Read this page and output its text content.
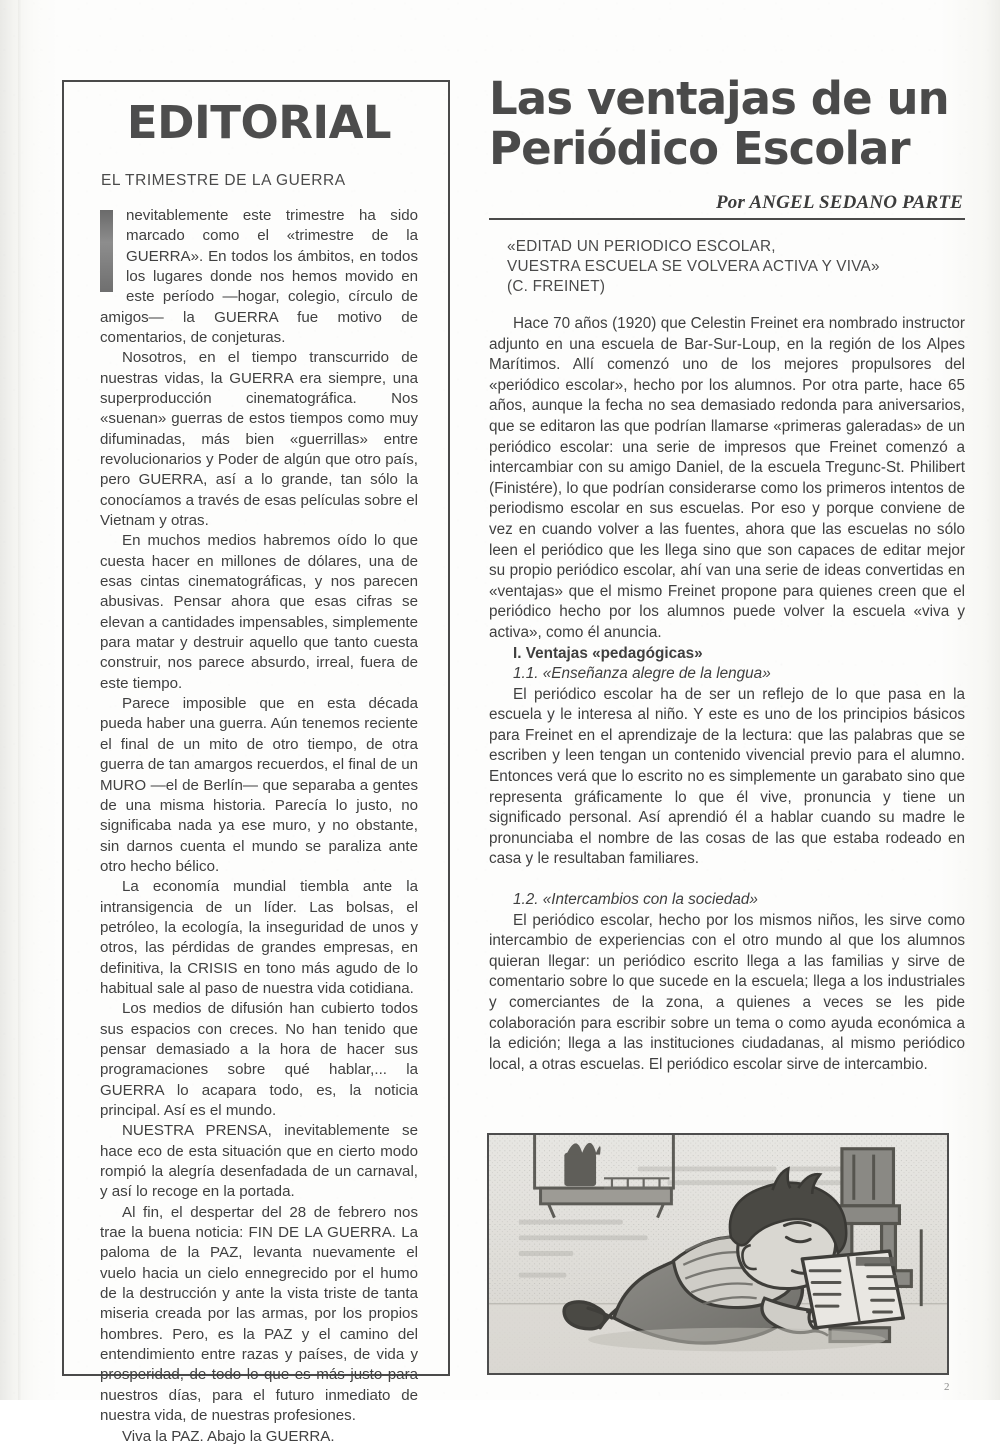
EDITORIAL
EL TRIMESTRE DE LA GUERRA

nevitablemente este trimestre ha sido marcado como el «trimestre de la GUERRA». En todos los ámbitos, en todos los lugares donde nos hemos movido en este período —hogar, colegio, círculo de amigos— la GUERRA fue motivo de comentarios, de conjeturas.

Nosotros, en el tiempo transcurrido de nuestras vidas, la GUERRA era siempre, una superproducción cinematográfica. Nos «suenan» guerras de estos tiempos como muy difuminadas, más bien «guerrillas» entre revolucionarios y Poder de algún que otro país, pero GUERRA, así a lo grande, tan sólo la conocíamos a través de esas películas sobre el Vietnam y otras.

En muchos medios habremos oído lo que cuesta hacer en millones de dólares, una de esas cintas cinematográficas, y nos parecen abusivas. Pensar ahora que esas cifras se elevan a cantidades impensables, simplemente para matar y destruir aquello que tanto cuesta construir, nos parece absurdo, irreal, fuera de este tiempo.

Parece imposible que en esta década pueda haber una guerra. Aún tenemos reciente el final de un mito de otro tiempo, de otra guerra de tan amargos recuerdos, el final de un MURO —el de Berlín— que separaba a gentes de una misma historia. Parecía lo justo, no significaba nada ya ese muro, y no obstante, sin darnos cuenta el mundo se paraliza ante otro hecho bélico.

La economía mundial tiembla ante la intransigencia de un líder. Las bolsas, el petróleo, la ecología, la inseguridad de unos y otros, las pérdidas de grandes empresas, en definitiva, la CRISIS en tono más agudo de lo habitual sale al paso de nuestra vida cotidiana.

Los medios de difusión han cubierto todos sus espacios con creces. No han tenido que pensar demasiado a la hora de hacer sus programaciones sobre qué hablar,... la GUERRA lo acapara todo, es, la noticia principal. Así es el mundo.

NUESTRA PRENSA, inevitablemente se hace eco de esta situación que en cierto modo rompió la alegría desenfadada de un carnaval, y así lo recoge en la portada.

Al fin, el despertar del 28 de febrero nos trae la buena noticia: FIN DE LA GUERRA. La paloma de la PAZ, levanta nuevamente el vuelo hacia un cielo ennegrecido por el humo de la destrucción y ante la vista triste de tanta miseria creada por las armas, por los propios hombres. Pero, es la PAZ y el camino del entendimiento entre razas y países, de vida y prosperidad, de todo lo que es más justo para nuestros días, para el futuro inmediato de nuestra vida, de nuestras profesiones.

Viva la PAZ. Abajo la GUERRA.

Las ventajas de un
Periódico Escolar
Por ANGEL SEDANO PARTE
«EDITAD UN PERIODICO ESCOLAR,
VUESTRA ESCUELA SE VOLVERA ACTIVA Y VIVA»
(C. FREINET)

Hace 70 años (1920) que Celestin Freinet era nombrado instructor adjunto en una escuela de Bar-Sur-Loup, en la región de los Alpes Marítimos. Allí comenzó uno de los mejores propulsores del «periódico escolar», hecho por los alumnos. Por otra parte, hace 65 años, aunque la fecha no sea demasiado redonda para aniversarios, que se editaron las que podrían llamarse «primeras galeradas» de un periódico escolar: una serie de impresos que Freinet comenzó a intercambiar con su amigo Daniel, de la escuela Tregunc-St. Philibert (Finistére), lo que podrían considerarse como los primeros intentos de periodismo escolar en sus escuelas. Por eso y porque conviene de vez en cuando volver a las fuentes, ahora que las escuelas no sólo leen el periódico que les llega sino que son capaces de editar mejor su propio periódico escolar, ahí van una serie de ideas convertidas en «ventajas» que el mismo Freinet propone para quienes creen que el periódico hecho por los alumnos puede volver la escuela «viva y activa», como él anuncia.

I. Ventajas «pedagógicas»

1.1. «Enseñanza alegre de la lengua»

El periódico escolar ha de ser un reflejo de lo que pasa en la escuela y le interesa al niño. Y este es uno de los principios básicos para Freinet en el aprendizaje de la lectura: que las palabras que se escriben y leen tengan un contenido vivencial previo para el alumno. Entonces verá que lo escrito no es simplemente un garabato sino que representa gráficamente lo que él vive, pronuncia y tiene un significado personal. Así aprendió él a hablar cuando su madre le pronunciaba el nombre de las cosas de las que estaba rodeado en casa y le resultaban familiares.

1.2. «Intercambios con la sociedad»

El periódico escolar, hecho por los mismos niños, les sirve como intercambio de experiencias con el otro mundo al que los alumnos quieran llegar: un periódico escrito llega a las familias y sirve de comentario sobre lo que sucede en la escuela; llega a los industriales y comerciantes de la zona, a quienes a veces se les pide colaboración para escribir sobre un tema o como ayuda económica a la edición; llega a las instituciones ciudadanas, al mismo periódico local, a otras escuelas. El periódico escolar sirve de intercambio.

2
